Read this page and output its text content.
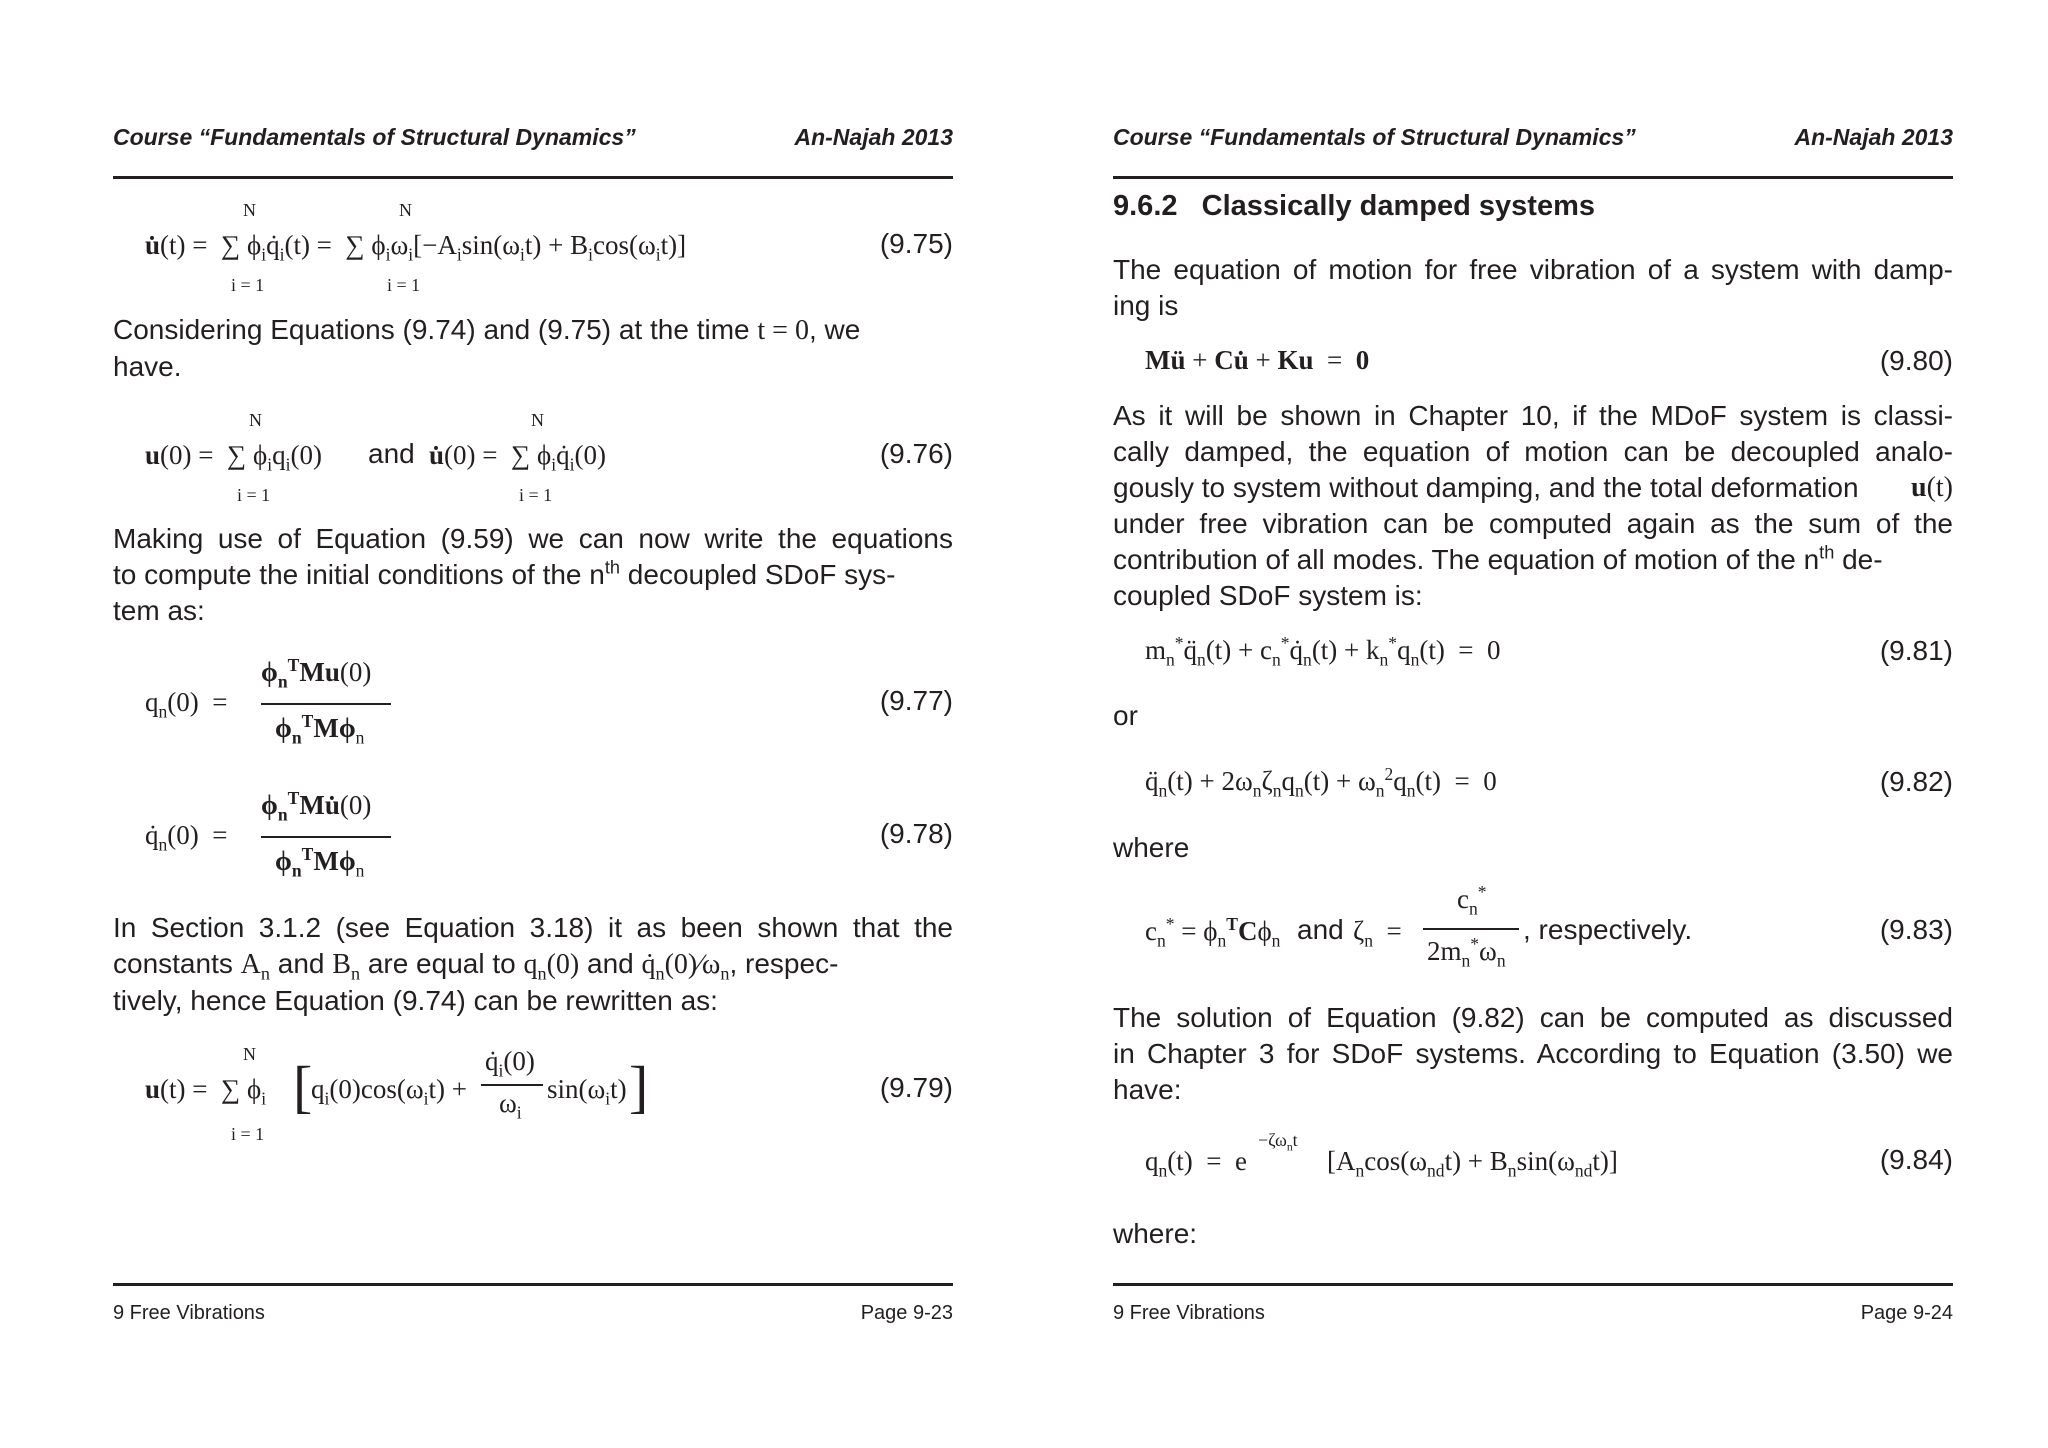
Course “Fundamentals of Structural Dynamics”	An-Najah 2013
N	N
u̇(t) =  ∑ $\phi_iq̇_i(t)$ =  ∑ $\phi_i\omega_i[-A_i\sin(\omega_it) + B_i\cos(\omega_it)]$
i = 1	i = 1
(9.75)
Considering Equations (9.74) and (9.75) at the time t = 0, we
have.
N	N
u(0) =  ∑ $\phi_iq_i(0)$ and u̇(0) =  ∑ $\phi_iq̇_i(0)$
i = 1	i = 1
(9.76)
Making use of Equation (9.59) we can now write the equations
to compute the initial conditions of the $n^{th}$ decoupled SDoF sys-
tem as:
$q_n(0)$  =
$\phi_n^TMu(0)$
$\phi_n^TM\phi_n$
(9.77)
$q̇_n(0)$  =
$\phi_n^TMu̇(0)$
$\phi_n^TM\phi_n$
(9.78)
In Section 3.1.2 (see Equation 3.18) it as been shown that the
constants $A_n$ and $B_n$ are equal to $q_n(0)$ and $q̇_n(0)∕\omega_n$, respec-
tively, hence Equation (9.74) can be rewritten as:
N
u(t) =  ∑ $\phi_i$ [
$q_i(0)\cos(\omega_it)$ +
$q̇_i(0)$
$\omega_i$
$\sin(\omega_it)$ ]
i = 1
(9.79)
9 Free Vibrations	Page 9-23
Course “Fundamentals of Structural Dynamics”	An-Najah 2013
9.6.2 Classically damped systems
The equation of motion for free vibration of a system with damp-
ing is
Mü + Cu̇ + Ku  =  0	(9.80)
As it will be shown in Chapter 10, if the MDoF system is classi-
cally damped, the equation of motion can be decoupled analo-
gously to system without damping, and the total deformation u(t)
under free vibration can be computed again as the sum of the
contribution of all modes. The equation of motion of the $n^{th}$ de-
coupled SDoF system is:
$m_n^*q̈_n(t)$ + $c_n^*q̇_n(t) + k_n^*q_n(t) = 0$	(9.81)
or
$q̈_n(t) + 2\omega_n\zeta_nq_n(t) + \omega_n^2q_n(t) = 0$	(9.82)
where
$c_n^* = \phi_n^TC\phi_n$ and $\zeta_n$  =
$c_n^*$
$2m_n^*\omega_n$
, respectively.	(9.83)
The solution of Equation (9.82) can be computed as discussed
in Chapter 3 for SDoF systems. According to Equation (3.50) we
have:
$-\zeta\omega_nt$
$q_n(t) = e$	$[A_n\cos(\omega_{nd}t) + B_n\sin(\omega_{nd}t)]$	(9.84)
where:
9 Free Vibrations	Page 9-24
